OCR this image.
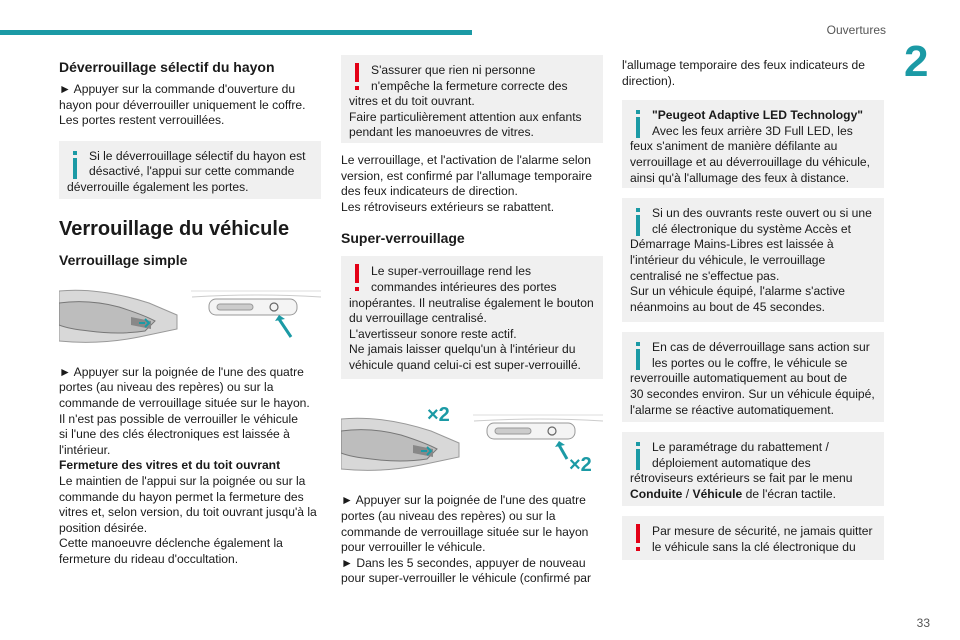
Ouvertures
2
33
Déverrouillage sélectif du hayon
► Appuyer sur la commande d'ouverture du
hayon pour déverrouiller uniquement le coffre.
Les portes restent verrouillées.
Si le déverrouillage sélectif du hayon est
désactivé, l'appui sur cette commande
déverrouille également les portes.
Verrouillage du véhicule
Verrouillage simple
► Appuyer sur la poignée de l'une des quatre
portes (au niveau des repères) ou sur la
commande de verrouillage située sur le hayon.
Il n'est pas possible de verrouiller le véhicule
si l'une des clés électroniques est laissée à
l'intérieur.
Fermeture des vitres et du toit ouvrant
Le maintien de l'appui sur la poignée ou sur la
commande du hayon permet la fermeture des
vitres et, selon version, du toit ouvrant jusqu'à la
position désirée.
Cette manoeuvre déclenche également la
fermeture du rideau d'occultation.
S'assurer que rien ni personne
n'empêche la fermeture correcte des
vitres et du toit ouvrant.
Faire particulièrement attention aux enfants
pendant les manoeuvres de vitres.
Le verrouillage, et l'activation de l'alarme selon
version, est confirmé par l'allumage temporaire
des feux indicateurs de direction.
Les rétroviseurs extérieurs se rabattent.
Super-verrouillage
Le super-verrouillage rend les
commandes intérieures des portes
inopérantes. Il neutralise également le bouton
du verrouillage centralisé.
L'avertisseur sonore reste actif.
Ne jamais laisser quelqu'un à l'intérieur du
véhicule quand celui-ci est super-verrouillé.
×2
×2
► Appuyer sur la poignée de l'une des quatre
portes (au niveau des repères) ou sur la
commande de verrouillage située sur le hayon
pour verrouiller le véhicule.
► Dans les 5 secondes, appuyer de nouveau
pour super-verrouiller le véhicule (confirmé par
l'allumage temporaire des feux indicateurs de
direction).
"Peugeot Adaptive LED Technology"
Avec les feux arrière 3D Full LED, les
feux s'animent de manière défilante au
verrouillage et au déverrouillage du véhicule,
ainsi qu'à l'allumage des feux à distance.
Si un des ouvrants reste ouvert ou si une
clé électronique du système Accès et
Démarrage Mains-Libres est laissée à
l'intérieur du véhicule, le verrouillage
centralisé ne s'effectue pas.
Sur un véhicule équipé, l'alarme s'active
néanmoins au bout de 45 secondes.
En cas de déverrouillage sans action sur
les portes ou le coffre, le véhicule se
reverrouille automatiquement au bout de
30 secondes environ. Sur un véhicule équipé,
l'alarme se réactive automatiquement.
Le paramétrage du rabattement /
déploiement automatique des
rétroviseurs extérieurs se fait par le menu
Conduite / Véhicule de l'écran tactile.
Par mesure de sécurité, ne jamais quitter
le véhicule sans la clé électronique du
